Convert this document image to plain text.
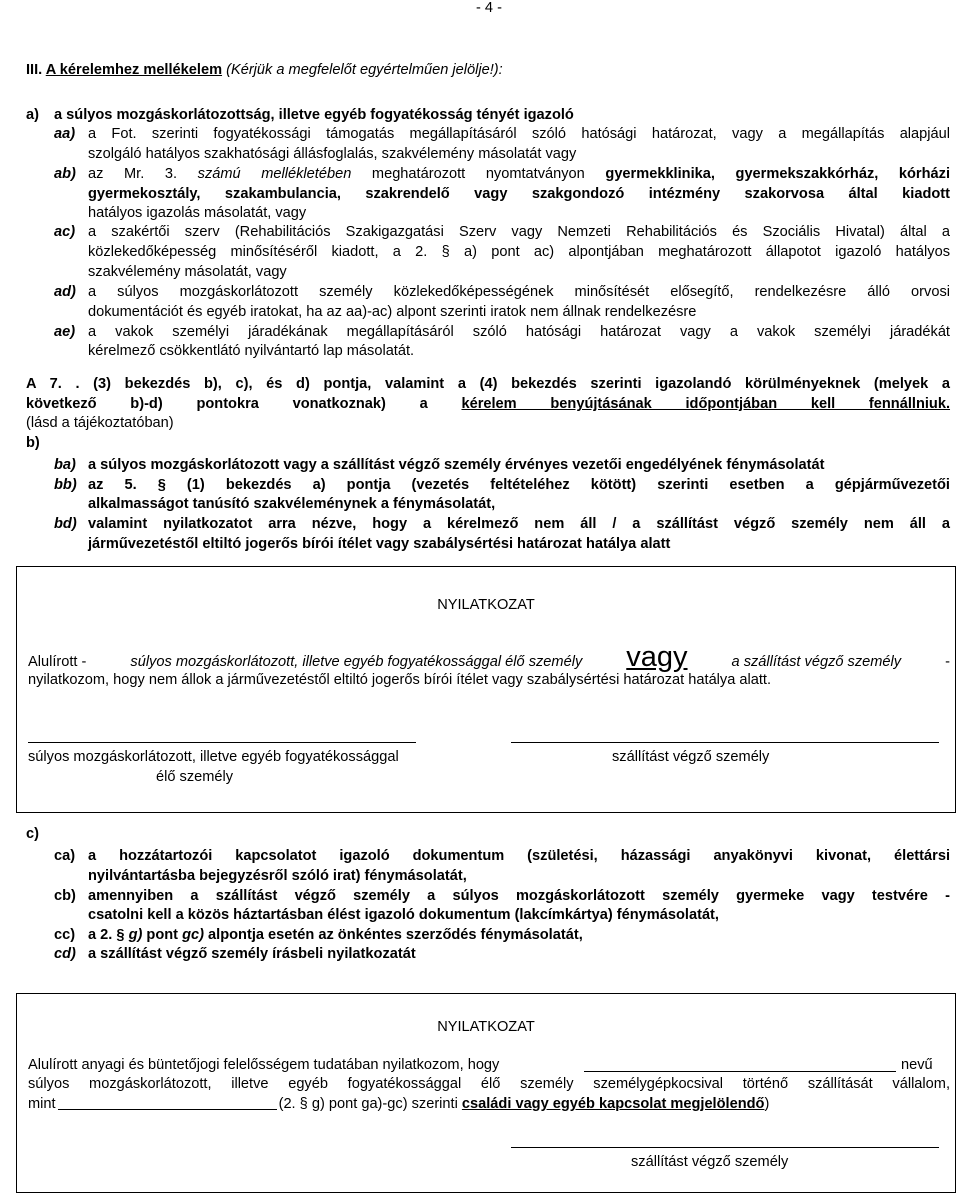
- 4 -
III. A kérelemhez mellékelem (Kérjük a megfelelőt egyértelműen jelölje!):
a)	a súlyos mozgáskorlátozottság, illetve egyéb fogyatékosság tényét igazoló
aa) a Fot. szerinti fogyatékossági támogatás megállapításáról szóló hatósági határozat, vagy a megállapítás alapjául
szolgáló hatályos szakhatósági állásfoglalás, szakvélemény másolatát vagy
ab) az Mr. 3. számú mellékletében meghatározott nyomtatványon gyermekklinika, gyermekszakkórház, kórházi
gyermekosztály, szakambulancia, szakrendelő vagy szakgondozó intézmény szakorvosa által kiadott
hatályos igazolás másolatát, vagy
ac) a szakértői szerv (Rehabilitációs Szakigazgatási Szerv vagy Nemzeti Rehabilitációs és Szociális Hivatal) által a
közlekedőképesség minősítéséről kiadott, a 2. § a) pont ac) alpontjában meghatározott állapotot igazoló hatályos
szakvélemény másolatát, vagy
ad) a súlyos mozgáskorlátozott személy közlekedőképességének minősítését elősegítő, rendelkezésre álló orvosi
dokumentációt és egyéb iratokat, ha az aa)-ac) alpont szerinti iratok nem állnak rendelkezésre
ae) a vakok személyi járadékának megállapításáról szóló hatósági határozat vagy a vakok személyi járadékát
kérelmező csökkentlátó nyilvántartó lap másolatát.
A 7. . (3) bekezdés b), c), és d) pontja, valamint a (4) bekezdés szerinti igazolandó körülményeknek (melyek a
következő b)-d) pontokra vonatkoznak) a kérelem benyújtásának időpontjában kell fennállniuk.
(lásd a tájékoztatóban)
b)
ba) a súlyos mozgáskorlátozott vagy a szállítást végző személy érvényes vezetői engedélyének fénymásolatát
bb) az 5. § (1) bekezdés a) pontja (vezetés feltételéhez kötött) szerinti esetben a gépjárművezetői
alkalmasságot tanúsító szakvéleménynek a fénymásolatát,
bd) valamint nyilatkozatot arra nézve, hogy a kérelmező nem áll / a szállítást végző személy nem áll a
járművezetéstől eltiltó jogerős bírói ítélet vagy szabálysértési határozat hatálya alatt
NYILATKOZAT
Alulírott -	súlyos mozgáskorlátozott, illetve egyéb fogyatékossággal élő személy vagy	a szállítást végző személy	-
nyilatkozom, hogy nem állok a járművezetéstől eltiltó jogerős bírói ítélet vagy szabálysértési határozat hatálya alatt.
súlyos mozgáskorlátozott, illetve egyéb fogyatékossággal
élő személy
szállítást végző személy
c)
ca) a hozzátartozói kapcsolatot igazoló dokumentum (születési, házassági anyakönyvi kivonat, élettársi
nyilvántartásba bejegyzésről szóló irat) fénymásolatát,
cb) amennyiben a szállítást végző személy a súlyos mozgáskorlátozott személy gyermeke vagy testvére -
csatolni kell a közös háztartásban élést igazoló dokumentum (lakcímkártya) fénymásolatát,
cc) a 2. § g) pont gc) alpontja esetén az önkéntes szerződés fénymásolatát,
cd) a szállítást végző személy írásbeli nyilatkozatát
NYILATKOZAT
Alulírott anyagi és büntetőjogi felelősségem tudatában nyilatkozom, hogy	nevű
súlyos mozgáskorlátozott, illetve egyéb fogyatékossággal élő személy személygépkocsival történő szállítását vállalom,
mint	(2. § g) pont ga)-gc) szerinti családi vagy egyéb kapcsolat megjelölendő)
szállítást végző személy
